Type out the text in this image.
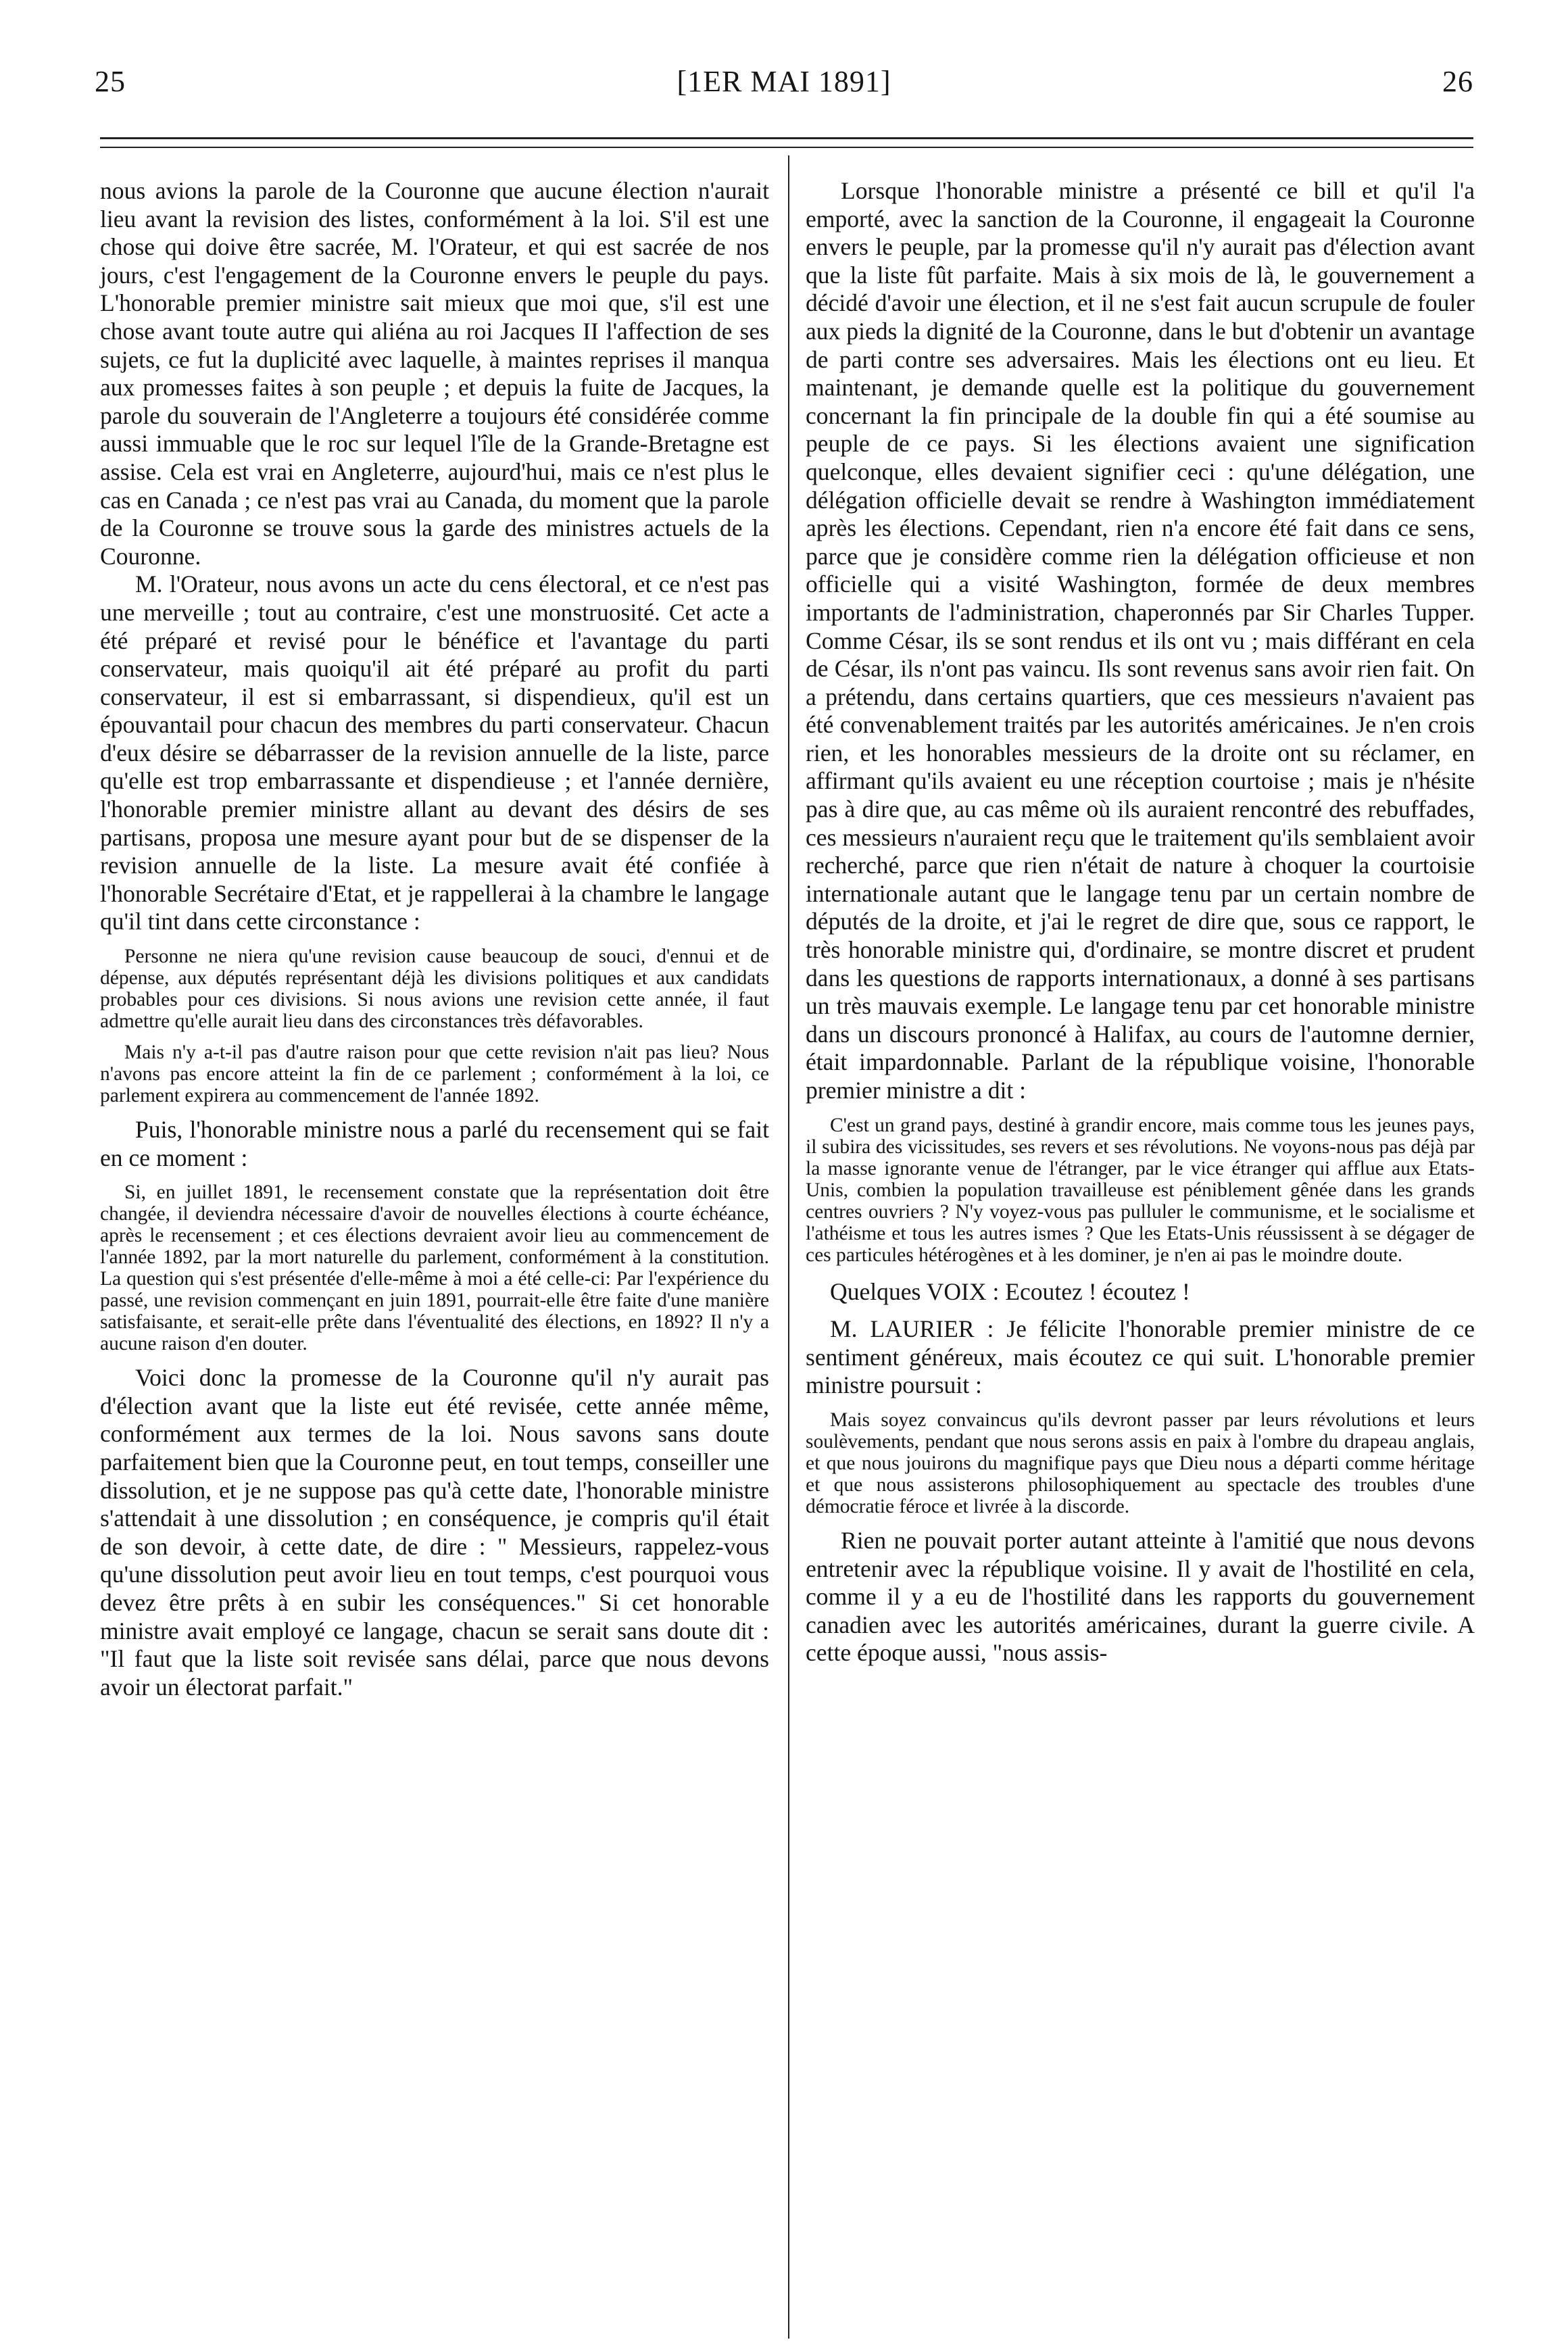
25	[1ER MAI 1891]	26

nous avions la parole de la Couronne que aucune élection n'aurait lieu avant la revision des listes, conformément à la loi. S'il est une chose qui doive être sacrée, M. l'Orateur, et qui est sacrée de nos jours, c'est l'engagement de la Couronne envers le peuple du pays. L'honorable premier ministre sait mieux que moi que, s'il est une chose avant toute autre qui aliéna au roi Jacques II l'affection de ses sujets, ce fut la duplicité avec laquelle, à maintes reprises il manqua aux promesses faites à son peuple ; et depuis la fuite de Jacques, la parole du souverain de l'Angleterre a toujours été considérée comme aussi immuable que le roc sur lequel l'île de la Grande-Bretagne est assise. Cela est vrai en Angleterre, aujourd'hui, mais ce n'est plus le cas en Canada ; ce n'est pas vrai au Canada, du moment que la parole de la Couronne se trouve sous la garde des ministres actuels de la Couronne.

M. l'Orateur, nous avons un acte du cens électoral, et ce n'est pas une merveille ; tout au contraire, c'est une monstruosité. Cet acte a été préparé et revisé pour le bénéfice et l'avantage du parti conservateur, mais quoiqu'il ait été préparé au profit du parti conservateur, il est si embarrassant, si dispendieux, qu'il est un épouvantail pour chacun des membres du parti conservateur. Chacun d'eux désire se débarrasser de la revision annuelle de la liste, parce qu'elle est trop embarrassante et dispendieuse ; et l'année dernière, l'honorable premier ministre allant au devant des désirs de ses partisans, proposa une mesure ayant pour but de se dispenser de la revision annuelle de la liste. La mesure avait été confiée à l'honorable Secrétaire d'Etat, et je rappellerai à la chambre le langage qu'il tint dans cette circonstance :

Personne ne niera qu'une revision cause beaucoup de souci, d'ennui et de dépense, aux députés représentant déjà les divisions politiques et aux candidats probables pour ces divisions. Si nous avions une revision cette année, il faut admettre qu'elle aurait lieu dans des circonstances très défavorables.

Mais n'y a-t-il pas d'autre raison pour que cette revision n'ait pas lieu? Nous n'avons pas encore atteint la fin de ce parlement ; conformément à la loi, ce parlement expirera au commencement de l'année 1892.

Puis, l'honorable ministre nous a parlé du recensement qui se fait en ce moment :

Si, en juillet 1891, le recensement constate que la représentation doit être changée, il deviendra nécessaire d'avoir de nouvelles élections à courte échéance, après le recensement ; et ces élections devraient avoir lieu au commencement de l'année 1892, par la mort naturelle du parlement, conformément à la constitution. La question qui s'est présentée d'elle-même à moi a été celle-ci: Par l'expérience du passé, une revision commençant en juin 1891, pourrait-elle être faite d'une manière satisfaisante, et serait-elle prête dans l'éventualité des élections, en 1892? Il n'y a aucune raison d'en douter.

Voici donc la promesse de la Couronne qu'il n'y aurait pas d'élection avant que la liste eut été revisée, cette année même, conformément aux termes de la loi. Nous savons sans doute parfaitement bien que la Couronne peut, en tout temps, conseiller une dissolution, et je ne suppose pas qu'à cette date, l'honorable ministre s'attendait à une dissolution ; en conséquence, je compris qu'il était de son devoir, à cette date, de dire : " Messieurs, rappelez-vous qu'une dissolution peut avoir lieu en tout temps, c'est pourquoi vous devez être prêts à en subir les conséquences." Si cet honorable ministre avait employé ce langage, chacun se serait sans doute dit : "Il faut que la liste soit revisée sans délai, parce que nous devons avoir un électorat parfait."

Lorsque l'honorable ministre a présenté ce bill et qu'il l'a emporté, avec la sanction de la Couronne, il engageait la Couronne envers le peuple, par la promesse qu'il n'y aurait pas d'élection avant que la liste fût parfaite. Mais à six mois de là, le gouvernement a décidé d'avoir une élection, et il ne s'est fait aucun scrupule de fouler aux pieds la dignité de la Couronne, dans le but d'obtenir un avantage de parti contre ses adversaires. Mais les élections ont eu lieu. Et maintenant, je demande quelle est la politique du gouvernement concernant la fin principale de la double fin qui a été soumise au peuple de ce pays. Si les élections avaient une signification quelconque, elles devaient signifier ceci : qu'une délégation, une délégation officielle devait se rendre à Washington immédiatement après les élections. Cependant, rien n'a encore été fait dans ce sens, parce que je considère comme rien la délégation officieuse et non officielle qui a visité Washington, formée de deux membres importants de l'administration, chaperonnés par Sir Charles Tupper. Comme César, ils se sont rendus et ils ont vu ; mais différant en cela de César, ils n'ont pas vaincu. Ils sont revenus sans avoir rien fait. On a prétendu, dans certains quartiers, que ces messieurs n'avaient pas été convenablement traités par les autorités américaines. Je n'en crois rien, et les honorables messieurs de la droite ont su réclamer, en affirmant qu'ils avaient eu une réception courtoise ; mais je n'hésite pas à dire que, au cas même où ils auraient rencontré des rebuffades, ces messieurs n'auraient reçu que le traitement qu'ils semblaient avoir recherché, parce que rien n'était de nature à choquer la courtoisie internationale autant que le langage tenu par un certain nombre de députés de la droite, et j'ai le regret de dire que, sous ce rapport, le très honorable ministre qui, d'ordinaire, se montre discret et prudent dans les questions de rapports internationaux, a donné à ses partisans un très mauvais exemple. Le langage tenu par cet honorable ministre dans un discours prononcé à Halifax, au cours de l'automne dernier, était impardonnable. Parlant de la république voisine, l'honorable premier ministre a dit :

C'est un grand pays, destiné à grandir encore, mais comme tous les jeunes pays, il subira des vicissitudes, ses revers et ses révolutions. Ne voyons-nous pas déjà par la masse ignorante venue de l'étranger, par le vice étranger qui afflue aux Etats-Unis, combien la population travailleuse est péniblement gênée dans les grands centres ouvriers ? N'y voyez-vous pas pulluler le communisme, et le socialisme et l'athéisme et tous les autres ismes ? Que les Etats-Unis réussissent à se dégager de ces particules hétérogènes et à les dominer, je n'en ai pas le moindre doute.

Quelques VOIX : Ecoutez ! écoutez !

M. LAURIER : Je félicite l'honorable premier ministre de ce sentiment généreux, mais écoutez ce qui suit. L'honorable premier ministre poursuit :

Mais soyez convaincus qu'ils devront passer par leurs révolutions et leurs soulèvements, pendant que nous serons assis en paix à l'ombre du drapeau anglais, et que nous jouirons du magnifique pays que Dieu nous a départi comme héritage et que nous assisterons philosophiquement au spectacle des troubles d'une démocratie féroce et livrée à la discorde.

Rien ne pouvait porter autant atteinte à l'amitié que nous devons entretenir avec la république voisine. Il y avait de l'hostilité en cela, comme il y a eu de l'hostilité dans les rapports du gouvernement canadien avec les autorités américaines, durant la guerre civile. A cette époque aussi, "nous assis-
